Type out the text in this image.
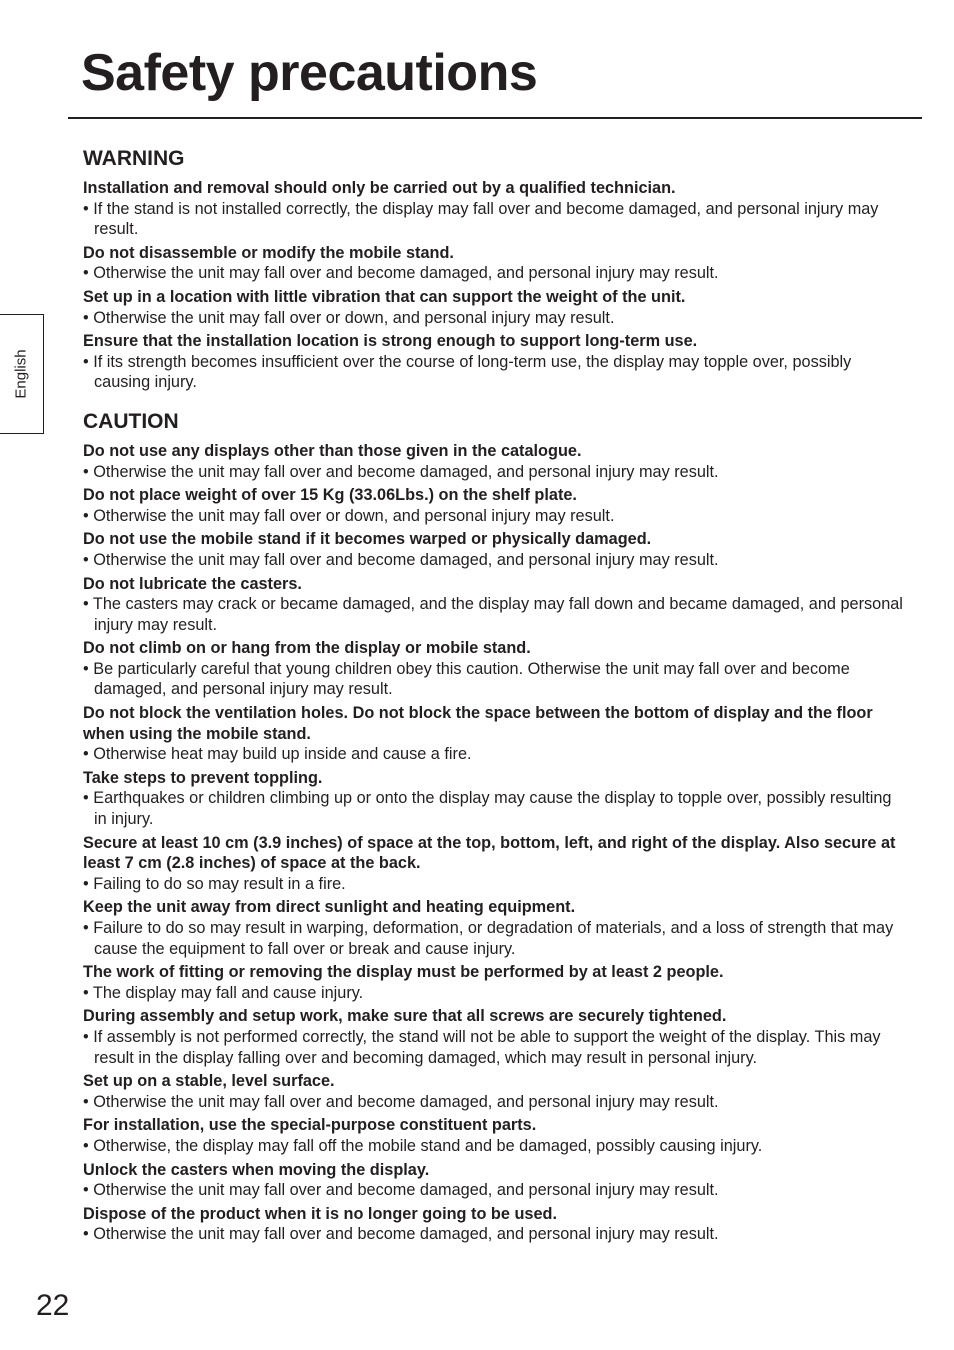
Safety precautions
English
WARNING
Installation and removal should only be carried out by a qualified technician.
• If the stand is not installed correctly, the display may fall over and become damaged, and personal injury may result.
Do not disassemble or modify the mobile stand.
• Otherwise the unit may fall over and become damaged, and personal injury may result.
Set up in a location with little vibration that can support the weight of the unit.
• Otherwise the unit may fall over or down, and personal injury may result.
Ensure that the installation location is strong enough to support long-term use.
• If its strength becomes insufficient over the course of long-term use, the display may topple over, possibly causing injury.
CAUTION
Do not use any displays other than those given in the catalogue.
• Otherwise the unit may fall over and become damaged, and personal injury may result.
Do not place weight of over 15 Kg (33.06Lbs.) on the shelf plate.
• Otherwise the unit may fall over or down, and personal injury may result.
Do not use the mobile stand if it becomes warped or physically damaged.
• Otherwise the unit may fall over and become damaged, and personal injury may result.
Do not lubricate the casters.
• The casters may crack or became damaged, and the display may fall down and became damaged, and personal injury may result.
Do not climb on or hang from the display or mobile stand.
• Be particularly careful that young children obey this caution. Otherwise the unit may fall over and become damaged, and personal injury may result.
Do not block the ventilation holes. Do not block the space between the bottom of display and the floor when using the mobile stand.
• Otherwise heat may build up inside and cause a fire.
Take steps to prevent toppling.
• Earthquakes or children climbing up or onto the display may cause the display to topple over, possibly resulting in injury.
Secure at least 10 cm (3.9 inches) of space at the top, bottom, left, and right of the display. Also secure at least 7 cm (2.8 inches) of space at the back.
• Failing to do so may result in a fire.
Keep the unit away from direct sunlight and heating equipment.
• Failure to do so may result in warping, deformation, or degradation of materials, and a loss of strength that may cause the equipment to fall over or break and cause injury.
The work of fitting or removing the display must be performed by at least 2 people.
• The display may fall and cause injury.
During assembly and setup work, make sure that all screws are securely tightened.
• If assembly is not performed correctly, the stand will not be able to support the weight of the display. This may result in the display falling over and becoming damaged, which may result in personal injury.
Set up on a stable, level surface.
• Otherwise the unit may fall over and become damaged, and personal injury may result.
For installation, use the special-purpose constituent parts.
• Otherwise, the display may fall off the mobile stand and be damaged, possibly causing injury.
Unlock the casters when moving the display.
• Otherwise the unit may fall over and become damaged, and personal injury may result.
Dispose of the product when it is no longer going to be used.
• Otherwise the unit may fall over and become damaged, and personal injury may result.
22
